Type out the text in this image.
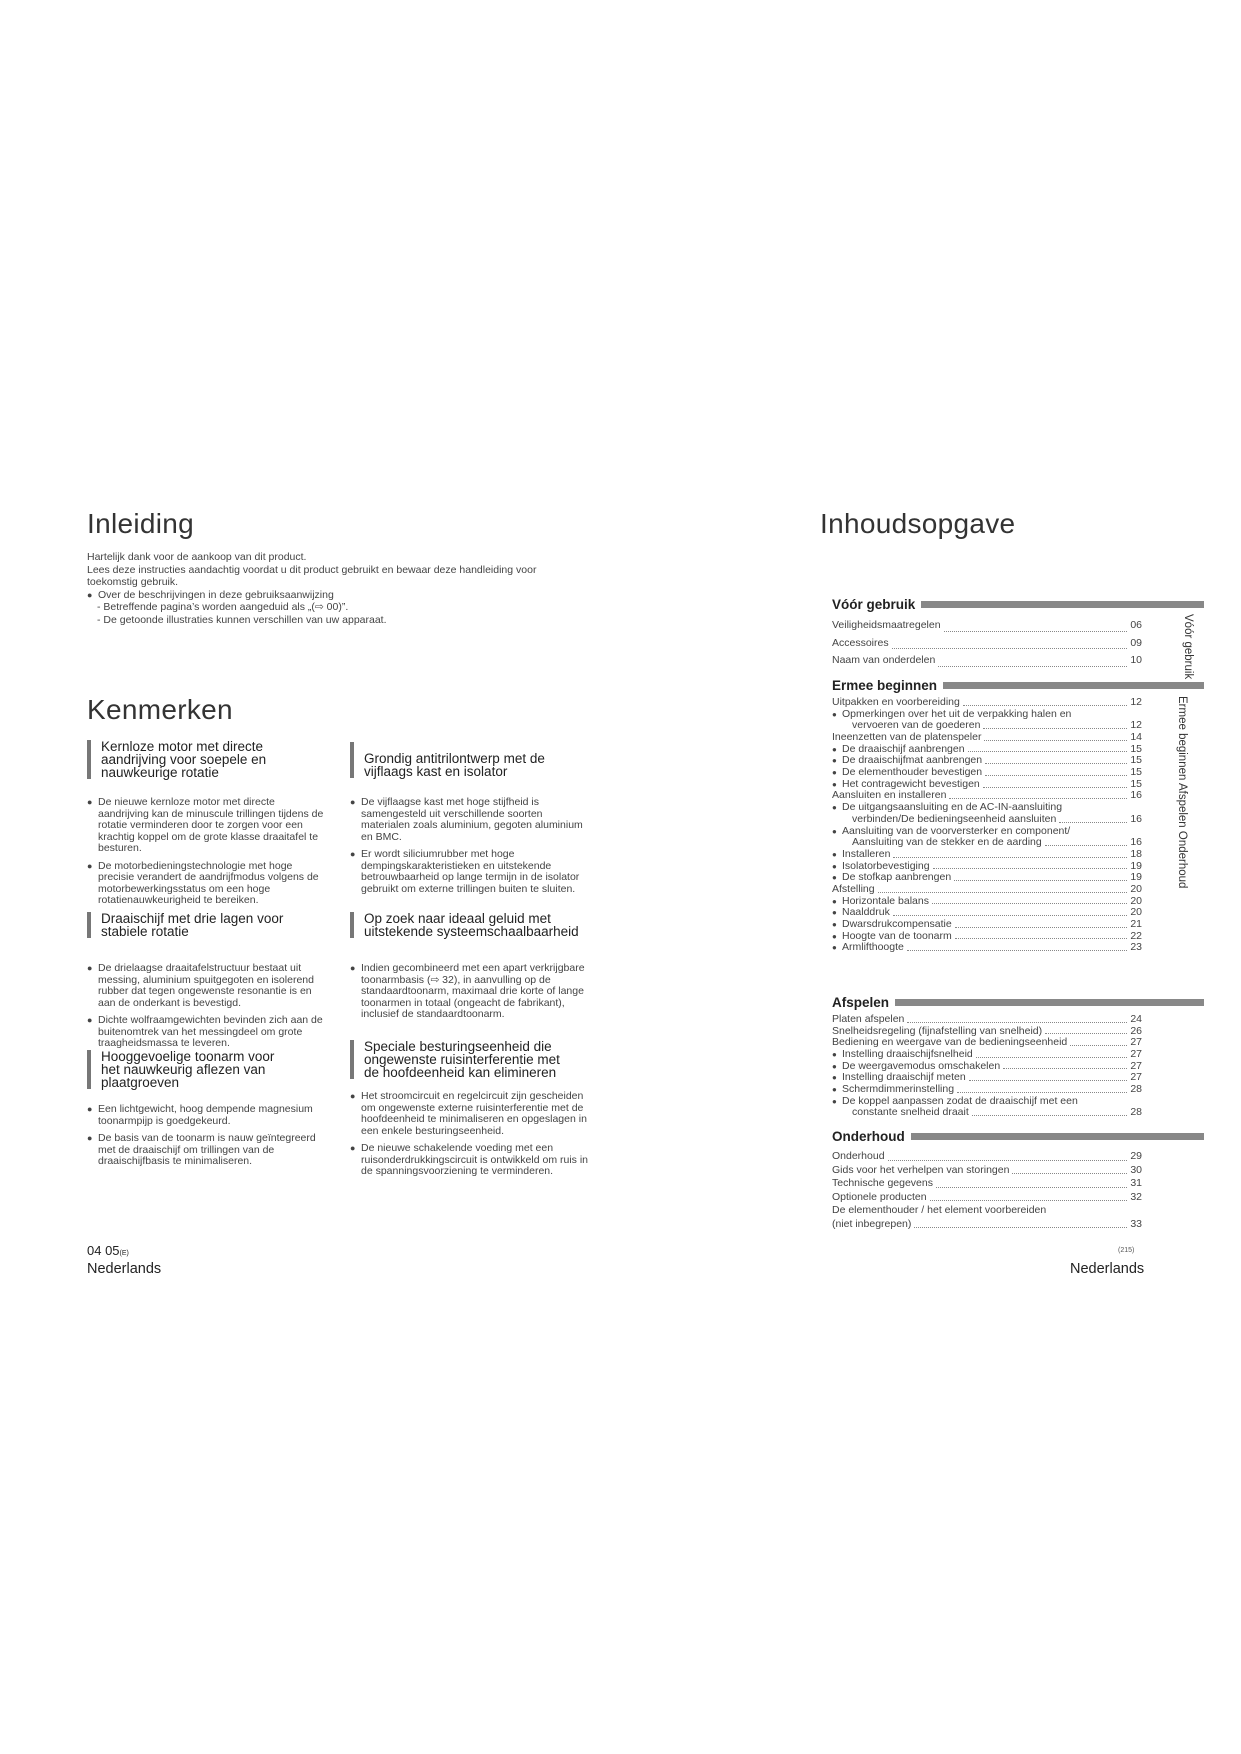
Inleiding

Hartelijk dank voor de aankoop van dit product.

Lees deze instructies aandachtig voordat u dit product gebruikt en bewaar deze handleiding voor

toekomstig gebruik.

● Over de beschrijvingen in deze gebruiksaanwijzing

- Betreffende pagina’s worden aangeduid als „(⇨ 00)”.

- De getoonde illustraties kunnen verschillen van uw apparaat.

Kenmerken
Kernloze motor met directe
aandrijving voor soepele en
nauwkeurige rotatie
● De nieuwe kernloze motor met directe aandrijving kan de minuscule trillingen tijdens de rotatie verminderen door te zorgen voor een krachtig koppel om de grote klasse draaitafel te besturen.
● De motorbedieningstechnologie met hoge precisie verandert de aandrijfmodus volgens de motorbewerkingsstatus om een hoge rotatienauwkeurigheid te bereiken.
Draaischijf met drie lagen voor
stabiele rotatie
● De drielaagse draaitafelstructuur bestaat uit messing, aluminium spuitgegoten en isolerend rubber dat tegen ongewenste resonantie is en aan de onderkant is bevestigd.
● Dichte wolfraamgewichten bevinden zich aan de buitenomtrek van het messingdeel om grote traagheidsmassa te leveren.
Hooggevoelige toonarm voor
het nauwkeurig aflezen van
plaatgroeven
● Een lichtgewicht, hoog dempende magnesium toonarmpijp is goedgekeurd.
● De basis van de toonarm is nauw geïntegreerd met de draaischijf om trillingen van de draaischijfbasis te minimaliseren.
Grondig antitrilontwerp met de
vijflaags kast en isolator
● De vijflaagse kast met hoge stijfheid is samengesteld uit verschillende soorten materialen zoals aluminium, gegoten aluminium en BMC.
● Er wordt siliciumrubber met hoge dempingskarakteristieken en uitstekende betrouwbaarheid op lange termijn in de isolator gebruikt om externe trillingen buiten te sluiten.
Op zoek naar ideaal geluid met
uitstekende systeemschaalbaarheid
● Indien gecombineerd met een apart verkrijgbare toonarmbasis (⇨ 32), in aanvulling op de standaardtoonarm, maximaal drie korte of lange toonarmen in totaal (ongeacht de fabrikant), inclusief de standaardtoonarm.
Speciale besturingseenheid die
ongewenste ruisinterferentie met
de hoofdeenheid kan elimineren
● Het stroomcircuit en regelcircuit zijn gescheiden om ongewenste externe ruisinterferentie met de hoofdeenheid te minimaliseren en opgeslagen in een enkele besturingseenheid.
● De nieuwe schakelende voeding met een ruisonderdrukkingscircuit is ontwikkeld om ruis in de spanningsvoorziening te verminderen.
04 05(E)
Nederlands
Inhoudsopgave
Vóór gebruik
Veiligheidsmaatregelen	06
Accessoires	09
Naam van onderdelen	10
Ermee beginnen
Uitpakken en voorbereiding	12
● Opmerkingen over het uit de verpakking halen en
vervoeren van de goederen	12
Ineenzetten van de platenspeler	14
● De draaischijf aanbrengen	15
● De draaischijfmat aanbrengen	15
● De elementhouder bevestigen	15
● Het contragewicht bevestigen	15
Aansluiten en installeren	16
● De uitgangsaansluiting en de AC-IN-aansluiting
verbinden/De bedieningseenheid aansluiten	16
● Aansluiting van de voorversterker en component/
Aansluiting van de stekker en de aarding	16
● Installeren	18
● Isolatorbevestiging	19
● De stofkap aanbrengen	19
Afstelling	20
● Horizontale balans	20
● Naalddruk	20
● Dwarsdrukcompensatie	21
● Hoogte van de toonarm	22
● Armlifthoogte	23
Afspelen
Platen afspelen	24
Snelheidsregeling (fijnafstelling van snelheid)	26
Bediening en weergave van de bedieningseenheid	27
● Instelling draaischijfsnelheid	27
● De weergavemodus omschakelen	27
● Instelling draaischijf meten	27
● Schermdimmerinstelling	28
● De koppel aanpassen zodat de draaischijf met een
constante snelheid draait	28
Onderhoud
Onderhoud	29
Gids voor het verhelpen van storingen	30
Technische gegevens	31
Optionele producten	32
De elementhouder / het element voorbereiden
(niet inbegrepen)	33
Vóór gebruik
Ermee beginnen Afspelen Onderhoud
(215)
Nederlands
